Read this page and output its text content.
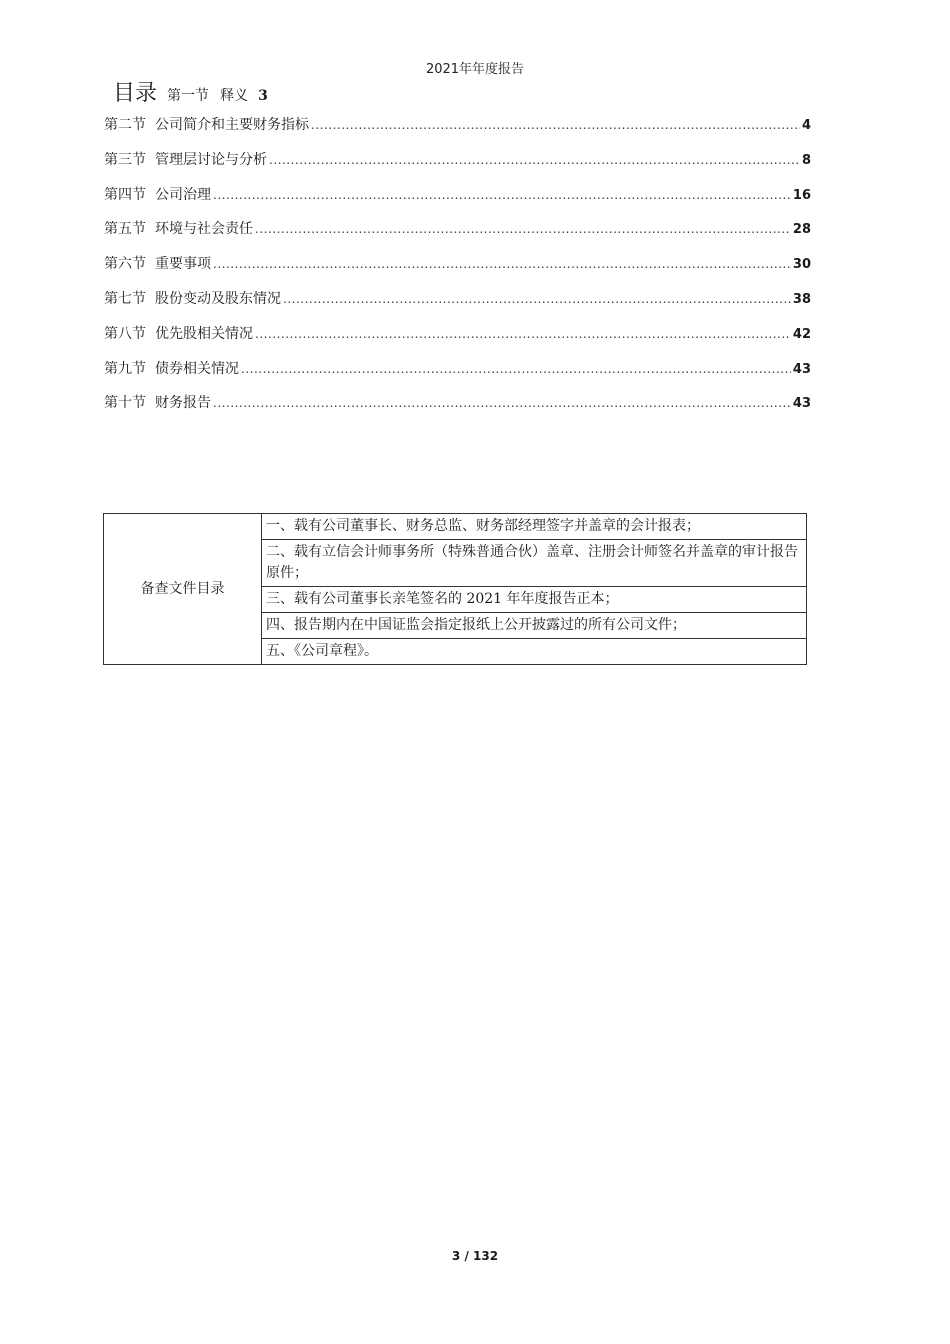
2021年年度报告
目录 第一节 释义 3
第二节 公司简介和主要财务指标 .....	4
第三节 管理层讨论与分析 .....	8
第四节 公司治理 .....	16
第五节 环境与社会责任 .....	28
第六节 重要事项 .....	30
第七节 股份变动及股东情况 .....	38
第八节 优先股相关情况 .....	42
第九节 债券相关情况 .....	43
第十节 财务报告 .....	43
备查文件目录	一、载有公司董事长、财务总监、财务部经理签字并盖章的会计报表；
二、载有立信会计师事务所（特殊普通合伙）盖章、注册会计师签名并盖章的审计报告原件；
三、载有公司董事长亲笔签名的 2021 年年度报告正本；
四、报告期内在中国证监会指定报纸上公开披露过的所有公司文件；
五、《公司章程》。
3 / 132
